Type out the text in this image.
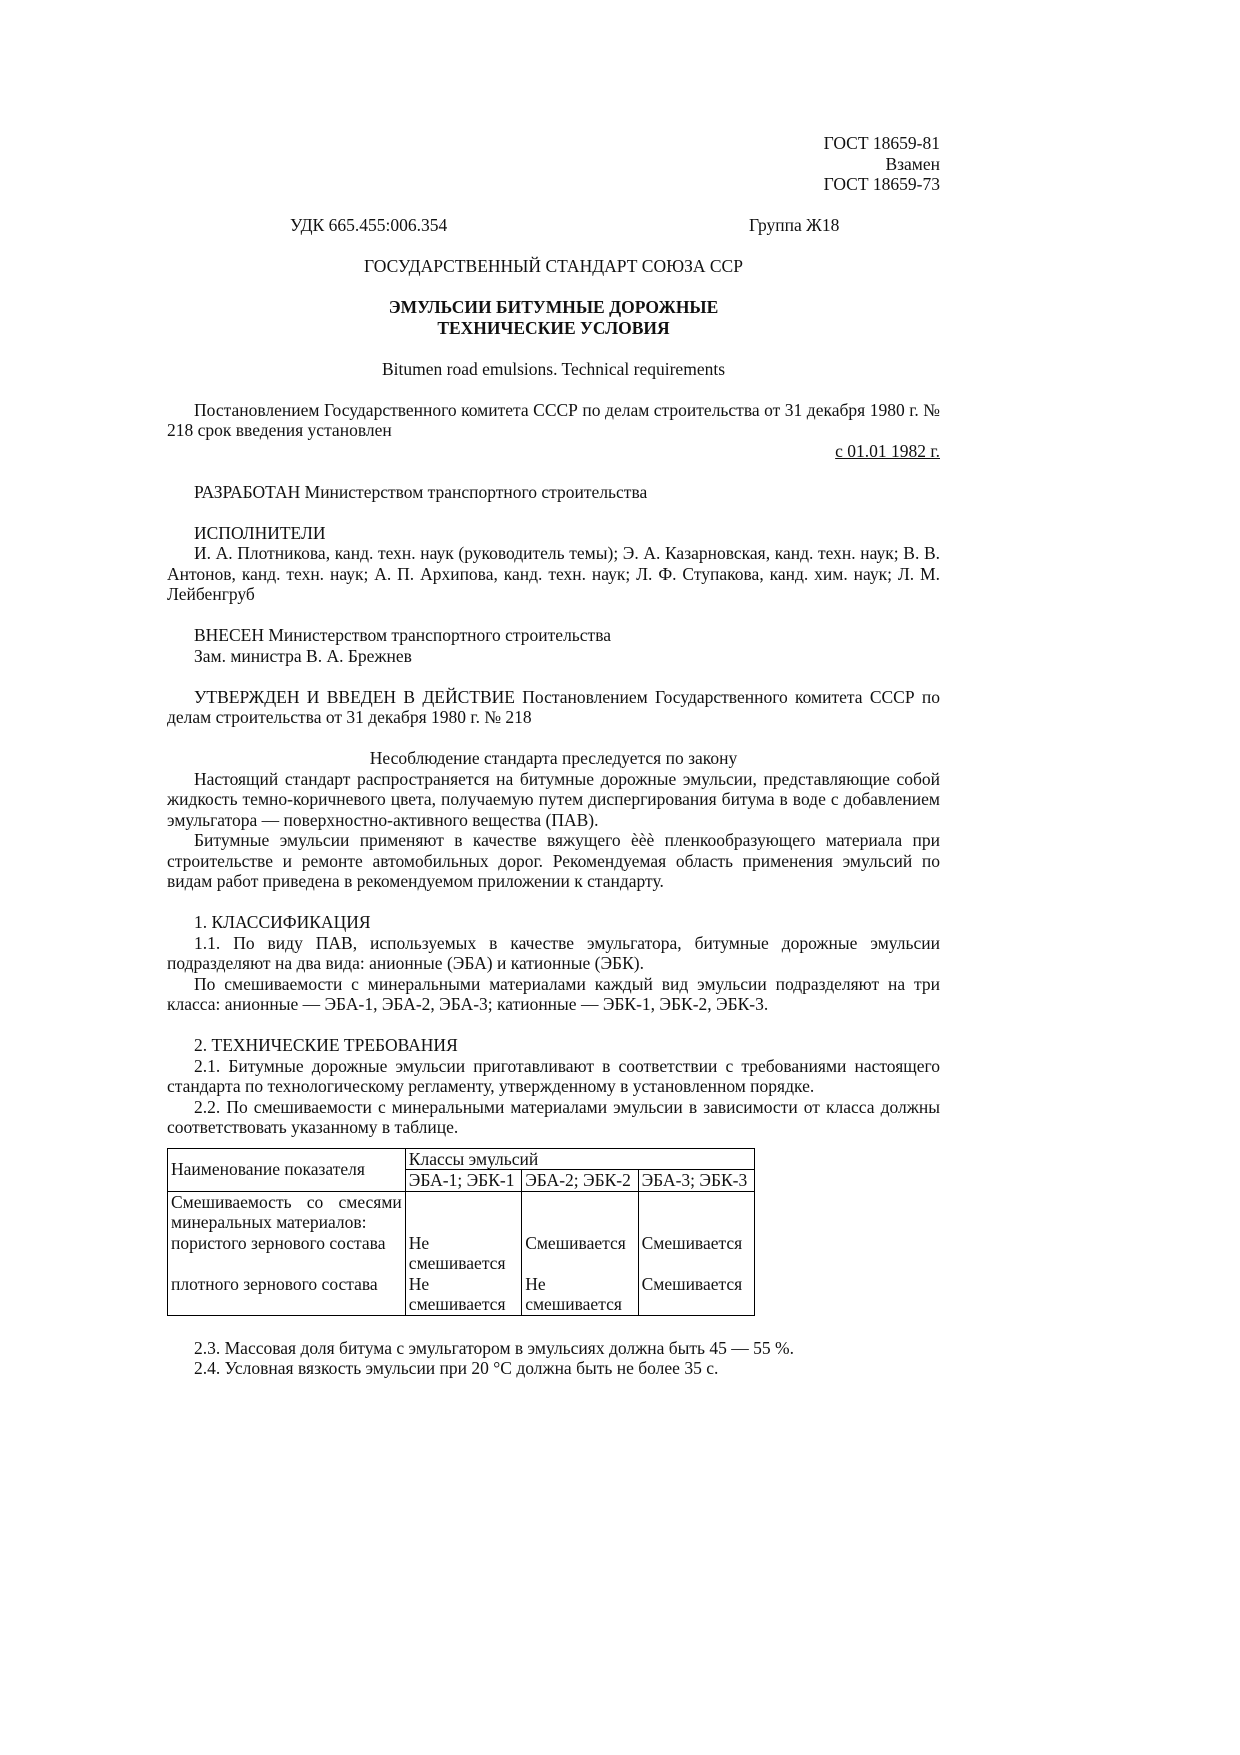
ГОСТ 18659-81
Взамен
ГОСТ 18659-73
УДК 665.455:006.354	Группа Ж18
ГОСУДАРСТВЕННЫЙ СТАНДАРТ СОЮЗА ССР
ЭМУЛЬСИИ БИТУМНЫЕ ДОРОЖНЫЕ
ТЕХНИЧЕСКИЕ УСЛОВИЯ
Bitumen road emulsions. Technical requirements
Постановлением Государственного комитета СССР по делам строительства от 31 декабря 1980 г. № 218 срок введения установлен
с 01.01 1982 г.
РАЗРАБОТАН Министерством транспортного строительства
ИСПОЛНИТЕЛИ
И. А. Плотникова, канд. техн. наук (руководитель темы); Э. А. Казарновская, канд. техн. наук; В. В. Антонов, канд. техн. наук; А. П. Архипова, канд. техн. наук; Л. Ф. Ступакова, канд. хим. наук; Л. М. Лейбенгруб
ВНЕСЕН Министерством транспортного строительства
Зам. министра В. А. Брежнев
УТВЕРЖДЕН И ВВЕДЕН В ДЕЙСТВИЕ Постановлением Государственного комитета СССР по делам строительства от 31 декабря 1980 г. № 218
Несоблюдение стандарта преследуется по закону
Настоящий стандарт распространяется на битумные дорожные эмульсии, представляющие собой жидкость темно-коричневого цвета, получаемую путем диспергирования битума в воде с добавлением эмульгатора — поверхностно-активного вещества (ПАВ).
Битумные эмульсии применяют в качестве вяжущего ѐѐѐ пленкообразующего материала при строительстве и ремонте автомобильных дорог. Рекомендуемая область применения эмульсий по видам работ приведена в рекомендуемом приложении к стандарту.
1. КЛАССИФИКАЦИЯ
1.1. По виду ПАВ, используемых в качестве эмульгатора, битумные дорожные эмульсии подразделяют на два вида: анионные (ЭБА) и катионные (ЭБК).
По смешиваемости с минеральными материалами каждый вид эмульсии подразделяют на три класса: анионные — ЭБА-1, ЭБА-2, ЭБА-3; катионные — ЭБК-1, ЭБК-2, ЭБК-3.
2. ТЕХНИЧЕСКИЕ ТРЕБОВАНИЯ
2.1. Битумные дорожные эмульсии приготавливают в соответствии с требованиями настоящего стандарта по технологическому регламенту, утвержденному в установленном порядке.
2.2. По смешиваемости с минеральными материалами эмульсии в зависимости от класса должны соответствовать указанному в таблице.
Наименование показателя	Классы эмульсий		
	ЭБА-1; ЭБК-1	ЭБА-2; ЭБК-2	ЭБА-3; ЭБК-3
Смешиваемость со смесями минеральных материалов:			
пористого зернового состава	Не смешивается	Смешивается	Смешивается
плотного зернового состава	Не смешивается	Не смешивается	Смешивается
2.3. Массовая доля битума с эмульгатором в эмульсиях должна быть 45 — 55 %.
2.4. Условная вязкость эмульсии при 20 °С должна быть не более 35 с.
